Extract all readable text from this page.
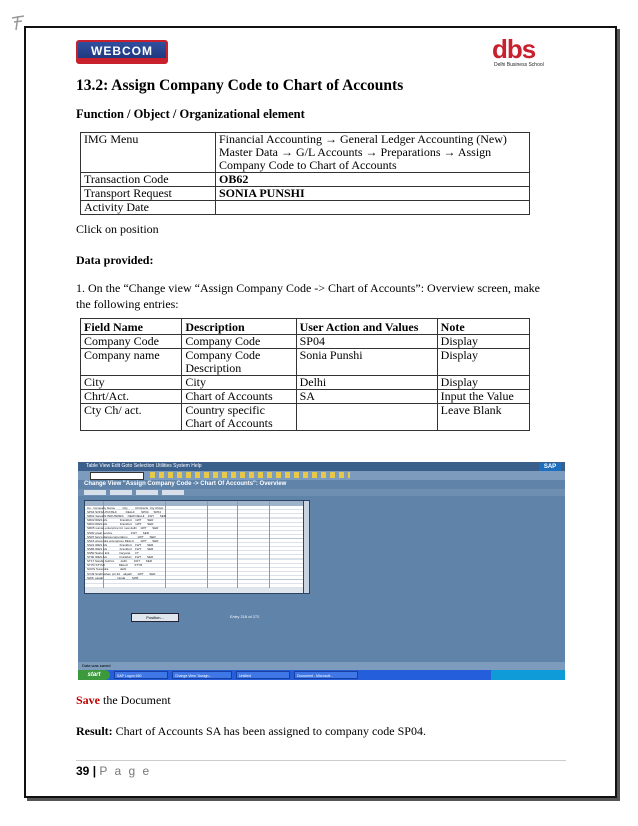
WEBCOM	dbs
Delhi Business School
13.2: Assign Company Code to Chart of Accounts
Function / Object / Organizational element
IMG Menu	Financial Accounting → General Ledger Accounting (New) Master Data → G/L Accounts → Preparations → Assign Company Code to Chart of Accounts
Transaction Code	OB62
Transport Request	SONIA PUNSHI
Activity Date	
Click on position
Data provided:
1. On the “Change view “Assign Company Code -> Chart of Accounts”: Overview screen, make the following entries:
Field Name	Description	User Action and Values	Note
Company Code	Company Code	SP04	Display
Company name	Company Code Description	Sonia Punshi	Display
City	City	Delhi	Display
Chrt/Act.	Chart of Accounts	SA	Input the Value
Cty Ch/ act.	Country specific Chart of Accounts		Leave Blank
Table View Edit Goto Selection Utilities System Help	SAP
Change View "Assign Company Code -> Chart Of Accounts": Overview
Co.  Company Name         City         ChrtAccts  Cty ch/act
SP04 SONIA PUNSHI           DELHI        SP04      SP04
SR01 Sarvathi INDUSRIES     NEW DELHI    1WT       SER
SR02 IDES AG               Frankfurt    1WT       SER
SR04 IDES AG               Frankfurt    1WT       SER
SR05 suman enterprice ltd  new delhi    1WT       SER
SS00 great service                      1WT       SER
SS07 fanco dansa corporation            1WT       SER
SS15 shivendra enterprices DELHI        1WT       SER
SS21 IDES AG               Frankfurt    1WT       SER
SS86 IDES AG               Frankfurt    1WT       SER
SS50 Satoru Ent            haryana      FT
ST00 IDES AG               Frankfurt    1WT       SER
ST17 Sandip fedrics        delhi        1WT       SER
ST7R STYMI                 DELHI        STYR
SUKS Surendra              delhi
SV49 Sindhushan pvt ltd    aligarh      1WT       SER
SW6  sasab                 Noida        SW6
Position...	Entry 218 of 272
Data was saved
start	SAP Logon 640	Change View "Assign...	Untitled	Document - Microsoft...
Save the Document
Result: Chart of Accounts SA has been assigned to company code SP04.
39 | P a g e
